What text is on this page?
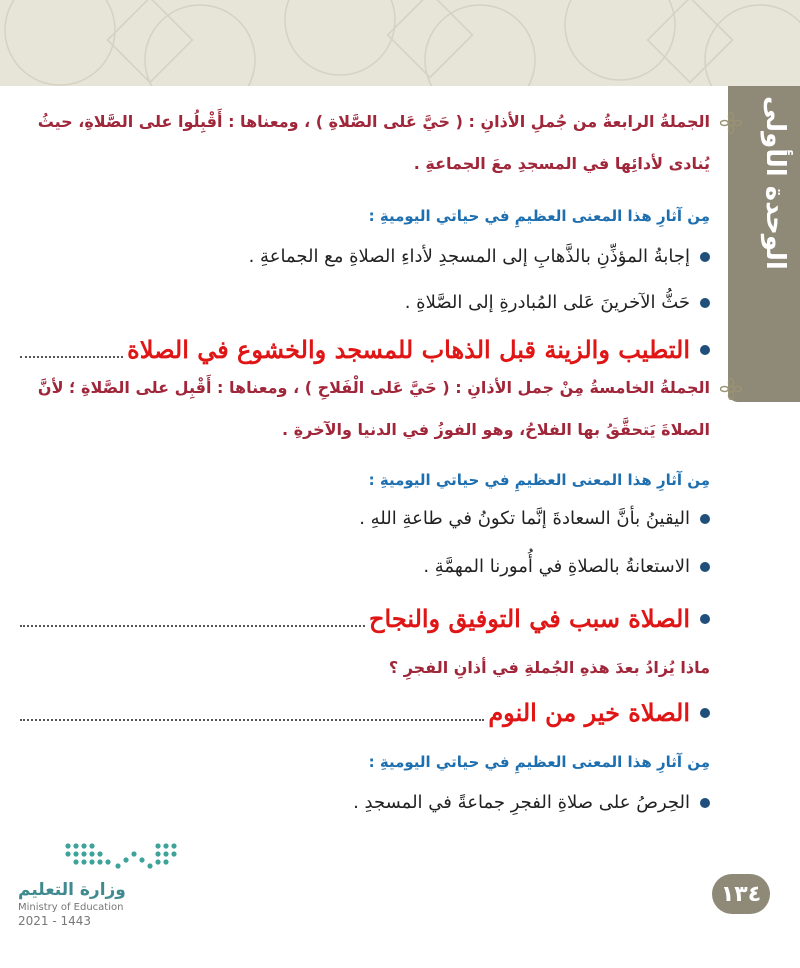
الوحدة الأولى
الجملةُ الرابعةُ من جُملِ الأذانِ : ( حَيَّ عَلى الصَّلاةِ ) ، ومعناها : أَقْبِلُوا على الصَّلاةِ، حيثُ
يُنادى لأدائِها في المسجدِ معَ الجماعةِ .
مِن آثارِ هذا المعنى العظيمِ في حياتي اليوميةِ :
إجابةُ المؤذِّنِ بالذَّهابِ إلى المسجدِ لأداءِ الصلاةِ مع الجماعةِ .
حَثُّ الآخرينَ عَلى المُبادرةِ إلى الصَّلاةِ .
التطيب والزينة قبل الذهاب للمسجد والخشوع في الصلاة
الجملةُ الخامسةُ مِنْ جمل الأذانِ : ( حَيَّ عَلى الْفَلاحِ ) ، ومعناها : أَقْبِل على الصَّلاةِ ؛ لأنَّ
الصلاةَ يَتحقَّقُ بها الفلاحُ، وهو الفوزُ في الدنيا والآخرةِ .
مِن آثارِ هذا المعنى العظيمِ في حياتي اليوميةِ :
اليقينُ بأنَّ السعادةَ إنَّما تكونُ في طاعةِ اللهِ .
الاستعانةُ بالصلاةِ في أُمورنا المهمَّةِ .
الصلاة سبب في التوفيق والنجاح
ماذا يُزادُ بعدَ هذهِ الجُملةِ في أذانِ الفجرِ ؟
الصلاة خير من النوم
مِن آثارِ هذا المعنى العظيمِ في حياتي اليوميةِ :
الحِرصُ على صلاةِ الفجرِ جماعةً في المسجدِ .
وزارة التعليم
Ministry of Education
2021 - 1443
١٣٤
